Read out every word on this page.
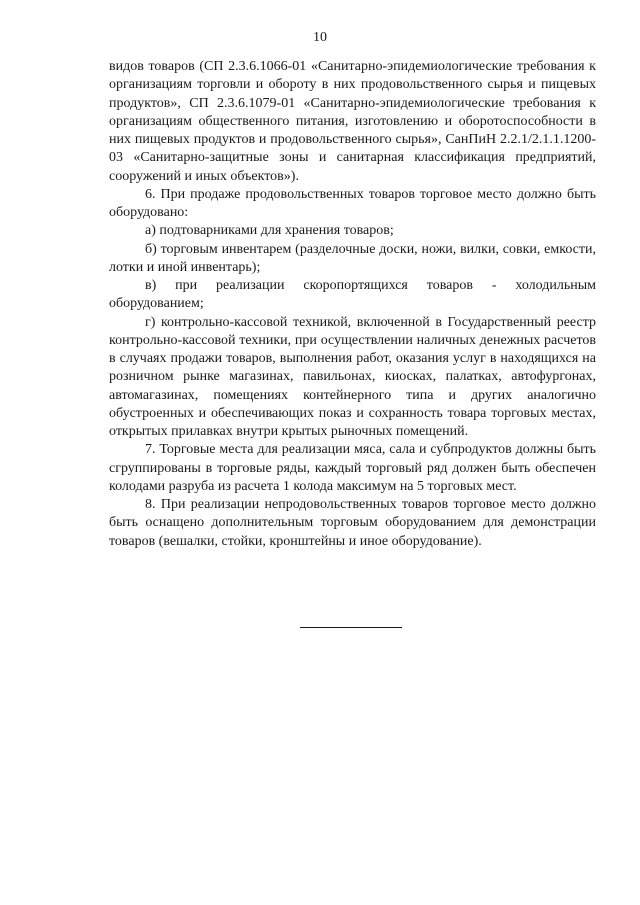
10

видов товаров (СП 2.3.6.1066-01 «Санитарно-эпидемиологические требования к организациям торговли и обороту в них продовольственного сырья и пищевых продуктов», СП 2.3.6.1079-01 «Санитарно-эпидемиологические требования к организациям общественного питания, изготовлению и оборотоспособности в них пищевых продуктов и продовольственного сырья», СанПиН 2.2.1/2.1.1.1200-03 «Санитарно-защитные зоны и санитарная классификация предприятий, сооружений и иных объектов»).

6. При продаже продовольственных товаров торговое место должно быть оборудовано:

а) подтоварниками для хранения товаров;

б) торговым инвентарем (разделочные доски, ножи, вилки, совки, емкости, лотки и иной инвентарь);

в) при реализации скоропортящихся товаров - холодильным оборудованием;

г) контрольно-кассовой техникой, включенной в Государственный реестр контрольно-кассовой техники, при осуществлении наличных денежных расчетов в случаях продажи товаров, выполнения работ, оказания услуг в находящихся на розничном рынке магазинах, павильонах, киосках, палатках, автофургонах, автомагазинах, помещениях контейнерного типа и других аналогично обустроенных и обеспечивающих показ и сохранность товара торговых местах, открытых прилавках внутри крытых рыночных помещений.

7. Торговые места для реализации мяса, сала и субпродуктов должны быть сгруппированы в торговые ряды, каждый торговый ряд должен быть обеспечен колодами разруба из расчета 1 колода максимум на 5 торговых мест.

8. При реализации непродовольственных товаров торговое место должно быть оснащено дополнительным торговым оборудованием для демонстрации товаров (вешалки, стойки, кронштейны и иное оборудование).
